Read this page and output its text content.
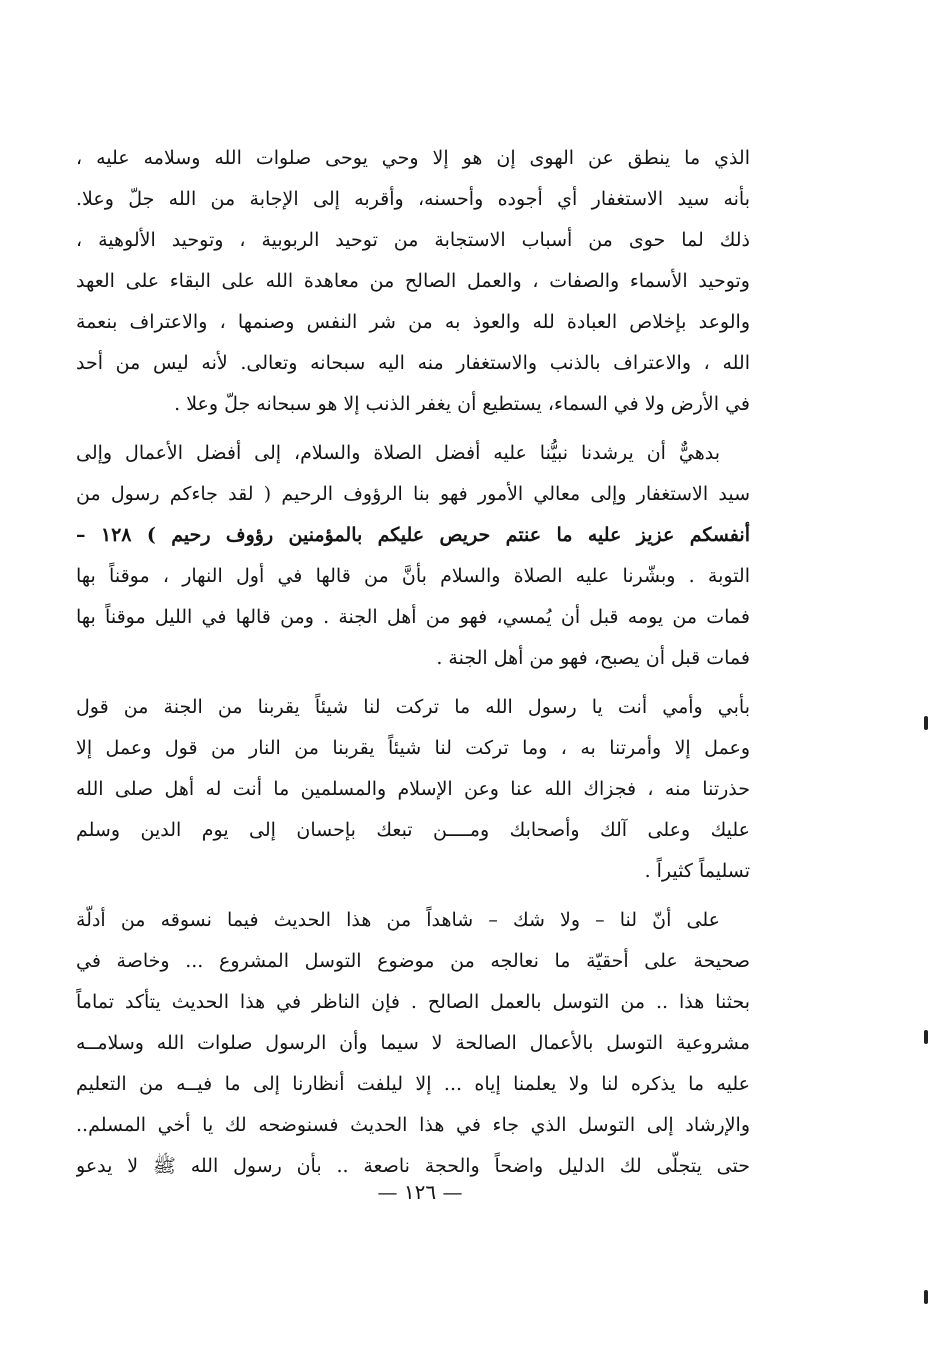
الذي ما ينطق عن الهوى إن هو إلا وحي يوحى صلوات الله وسلامه عليه ،
بأنه سيد الاستغفار أي أجوده وأحسنه، وأقربه إلى الإجابة من الله جلّ وعلا.
ذلك لما حوى من أسباب الاستجابة من توحيد الربوبية ، وتوحيد الألوهية ،
وتوحيد الأسماء والصفات ، والعمل الصالح من معاهدة الله على البقاء على العهد
والوعد بإخلاص العبادة لله والعوذ به من شر النفس وصنمها ، والاعتراف بنعمة
الله ، والاعتراف بالذنب والاستغفار منه اليه سبحانه وتعالى. لأنه ليس من أحد
في الأرض ولا في السماء، يستطيع أن يغفر الذنب إلا هو سبحانه جلّ وعلا .
بدهيٌّ أن يرشدنا نبيُّنا عليه أفضل الصلاة والسلام، إلى أفضل الأعمال وإلى
سيد الاستغفار وإلى معالي الأمور فهو بنا الرؤوف الرحيم ( لقد جاءكم رسول من
أنفسكم عزيز عليه ما عنتم حريص عليكم بالمؤمنين رؤوف رحيم ) ١٢٨ –
التوبة . وبشّرنا عليه الصلاة والسلام بأنَّ من قالها في أول النهار ، موقناً بها
فمات من يومه قبل أن يُمسي، فهو من أهل الجنة . ومن قالها في الليل موقناً بها
فمات قبل أن يصبح، فهو من أهل الجنة .
بأبي وأمي أنت يا رسول الله ما تركت لنا شيئاً يقربنا من الجنة من قول
وعمل إلا وأمرتنا به ، وما تركت لنا شيئاً يقربنا من النار من قول وعمل إلا
حذرتنا منه ، فجزاك الله عنا وعن الإسلام والمسلمين ما أنت له أهل صلى الله
عليك وعلى آلك وأصحابك ومــــن تبعك بإحسان إلى يوم الدين وسلم
تسليماً كثيراً .
على أنّ لنا – ولا شك – شاهداً من هذا الحديث فيما نسوقه من أدلّة
صحيحة على أحقيّة ما نعالجه من موضوع التوسل المشروع ... وخاصة في
بحثنا هذا .. من التوسل بالعمل الصالح . فإن الناظر في هذا الحديث يتأكد تماماً
مشروعية التوسل بالأعمال الصالحة لا سيما وأن الرسول صلوات الله وسلامــه
عليه ما يذكره لنا ولا يعلمنا إياه ... إلا ليلفت أنظارنا إلى ما فيــه من التعليم
والإرشاد إلى التوسل الذي جاء في هذا الحديث فسنوضحه لك يا أخي المسلم..
حتى يتجلّى لك الدليل واضحاً والحجة ناصعة .. بأن رسول الله ﷺ لا يدعو
— ١٢٦ —
